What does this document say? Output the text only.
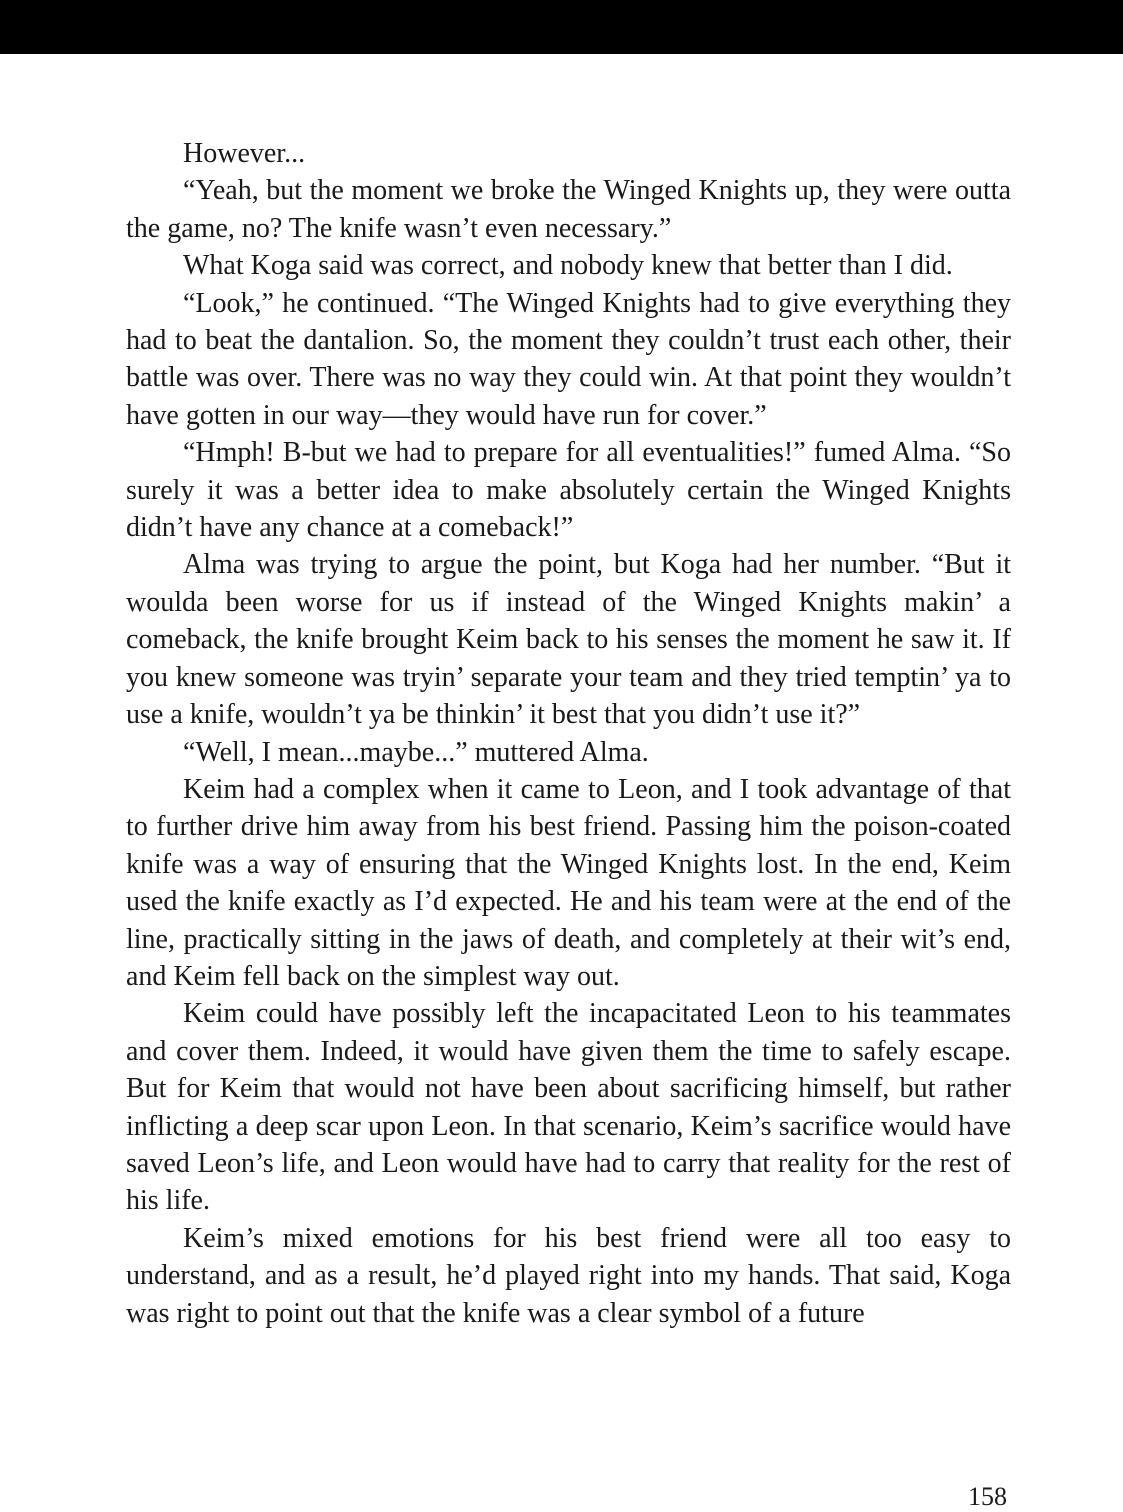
However...

“Yeah, but the moment we broke the Winged Knights up, they were outta the game, no? The knife wasn’t even necessary.”

What Koga said was correct, and nobody knew that better than I did.

“Look,” he continued. “The Winged Knights had to give everything they had to beat the dantalion. So, the moment they couldn’t trust each other, their battle was over. There was no way they could win. At that point they wouldn’t have gotten in our way—they would have run for cover.”

“Hmph! B-but we had to prepare for all eventualities!” fumed Alma. “So surely it was a better idea to make absolutely certain the Winged Knights didn’t have any chance at a comeback!”

Alma was trying to argue the point, but Koga had her number. “But it woulda been worse for us if instead of the Winged Knights makin’ a comeback, the knife brought Keim back to his senses the moment he saw it. If you knew someone was tryin’ separate your team and they tried temptin’ ya to use a knife, wouldn’t ya be thinkin’ it best that you didn’t use it?”

“Well, I mean...maybe...” muttered Alma.

Keim had a complex when it came to Leon, and I took advantage of that to further drive him away from his best friend. Passing him the poison-coated knife was a way of ensuring that the Winged Knights lost. In the end, Keim used the knife exactly as I’d expected. He and his team were at the end of the line, practically sitting in the jaws of death, and completely at their wit’s end, and Keim fell back on the simplest way out.

Keim could have possibly left the incapacitated Leon to his teammates and cover them. Indeed, it would have given them the time to safely escape. But for Keim that would not have been about sacrificing himself, but rather inflicting a deep scar upon Leon. In that scenario, Keim’s sacrifice would have saved Leon’s life, and Leon would have had to carry that reality for the rest of his life.

Keim’s mixed emotions for his best friend were all too easy to understand, and as a result, he’d played right into my hands. That said, Koga was right to point out that the knife was a clear symbol of a future

158
